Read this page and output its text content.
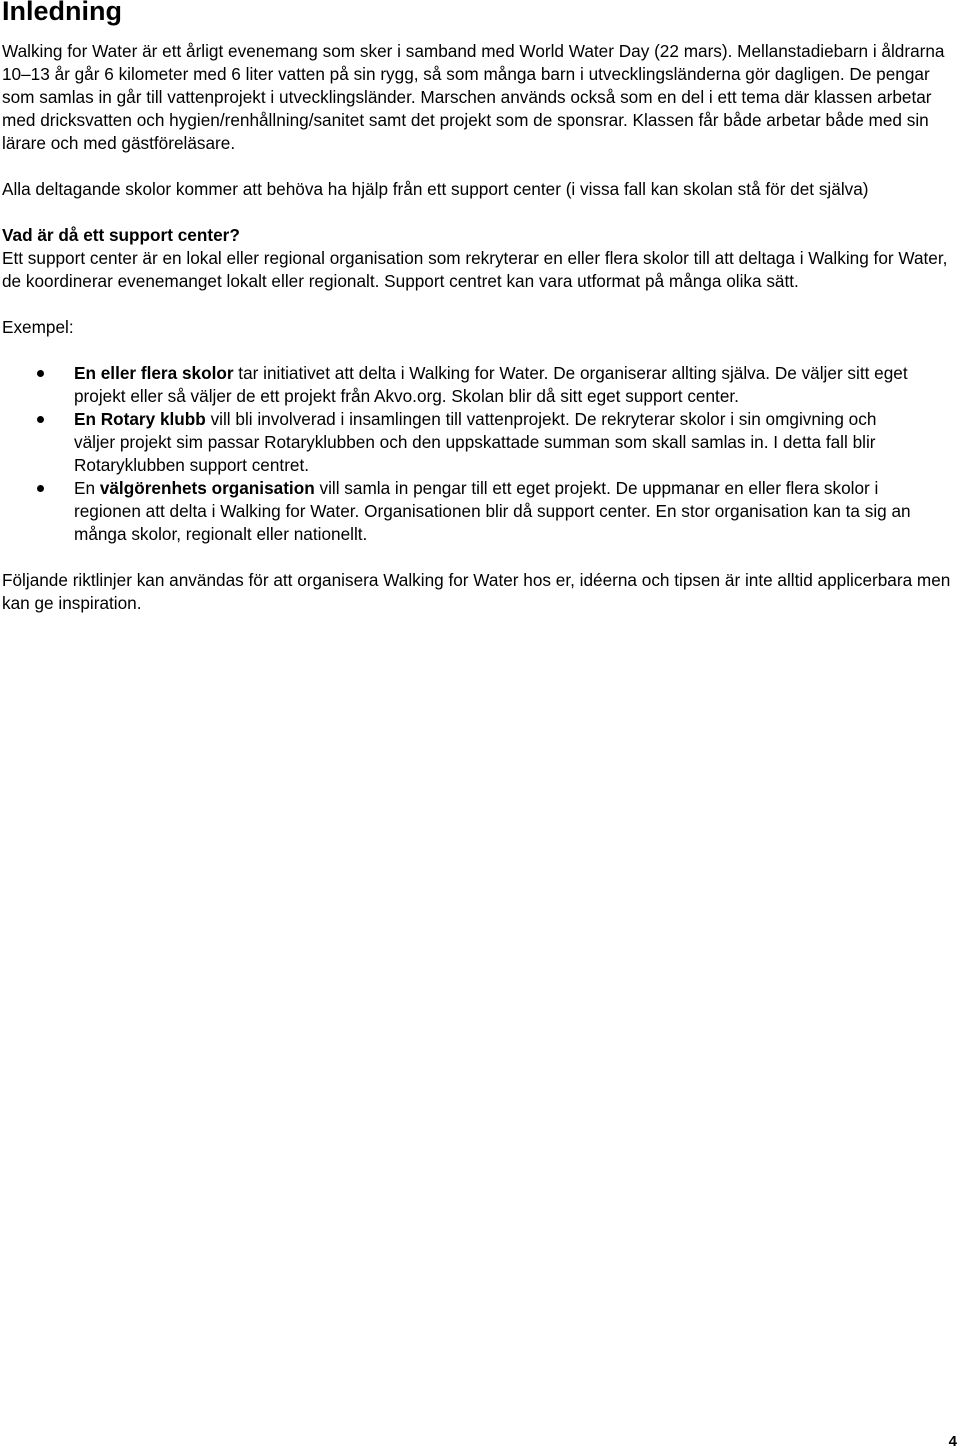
Inledning

Walking for Water är ett årligt evenemang som sker i samband med World Water Day (22 mars). Mellanstadiebarn i åldrarna 10–13 år går 6 kilometer med 6 liter vatten på sin rygg, så som många barn i utvecklingsländerna gör dagligen. De pengar som samlas in går till vattenprojekt i utvecklingsländer. Marschen används också som en del i ett tema där klassen arbetar med dricksvatten och hygien/renhållning/sanitet samt det projekt som de sponsrar. Klassen får både arbetar både med sin lärare och med gästföreläsare.

Alla deltagande skolor kommer att behöva ha hjälp från ett support center (i vissa fall kan skolan stå för det själva)

Vad är då ett support center?

Ett support center är en lokal eller regional organisation som rekryterar en eller flera skolor till att deltaga i Walking for Water, de koordinerar evenemanget lokalt eller regionalt. Support centret kan vara utformat på många olika sätt.

Exempel:

En eller flera skolor tar initiativet att delta i Walking for Water. De organiserar allting själva. De väljer sitt eget projekt eller så väljer de ett projekt från Akvo.org. Skolan blir då sitt eget support center.
En Rotary klubb vill bli involverad i insamlingen till vattenprojekt. De rekryterar skolor i sin omgivning och väljer projekt sim passar Rotaryklubben och den uppskattade summan som skall samlas in. I detta fall blir Rotaryklubben support centret.
En välgörenhets organisation vill samla in pengar till ett eget projekt. De uppmanar en eller flera skolor i regionen att delta i Walking for Water. Organisationen blir då support center. En stor organisation kan ta sig an många skolor, regionalt eller nationellt.

Följande riktlinjer kan användas för att organisera Walking for Water hos er, idéerna och tipsen är inte alltid applicerbara men kan ge inspiration.

4
